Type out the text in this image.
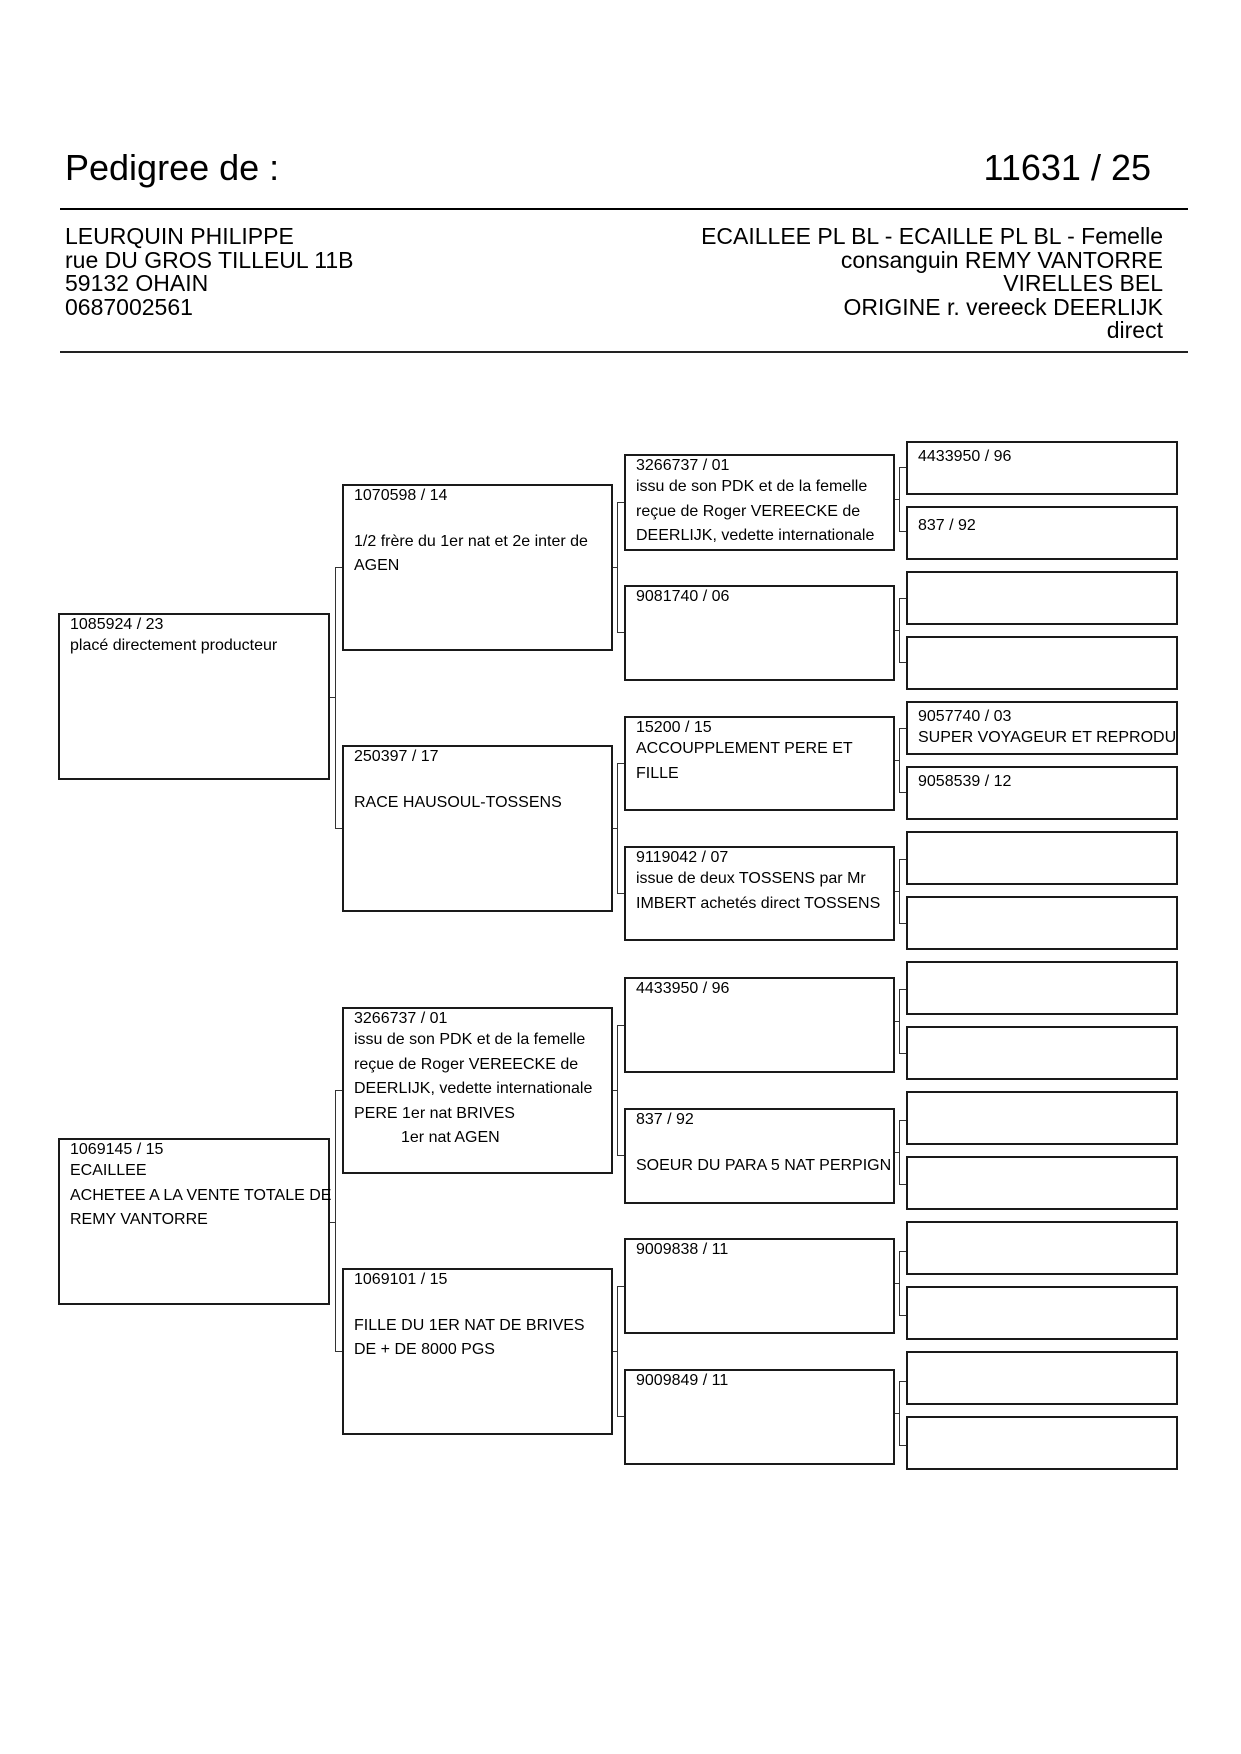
Pedigree de :	11631 / 25
LEURQUIN PHILIPPE
rue DU GROS TILLEUL 11B
59132 OHAIN
0687002561
ECAILLEE PL BL - ECAILLE PL BL - Femelle
consanguin REMY VANTORRE
VIRELLES BEL
ORIGINE r. vereeck DEERLIJK
direct
1085924 / 23
placé directement producteur
1069145 / 15
ECAILLEE
ACHETEE A LA VENTE TOTALE DE
REMY VANTORRE
1070598 / 14
1/2 frère du 1er nat et 2e inter de
AGEN
250397 / 17
RACE HAUSOUL-TOSSENS
3266737 / 01
issu de son PDK et de la femelle
reçue de Roger VEREECKE de
DEERLIJK, vedette internationale
PERE 1er nat BRIVES
1er nat AGEN
1069101 / 15
FILLE DU 1ER NAT DE BRIVES
DE + DE 8000 PGS
3266737 / 01
issu de son PDK et de la femelle
reçue de Roger VEREECKE de
DEERLIJK, vedette internationale
9081740 / 06
15200 / 15
ACCOUPPLEMENT PERE ET
FILLE
9119042 / 07
issue de deux TOSSENS par Mr
IMBERT achetés direct TOSSENS
4433950 / 96
837 / 92
SOEUR DU PARA 5 NAT PERPIGN
9009838 / 11
9009849 / 11
4433950 / 96
837 / 92
9057740 / 03
SUPER VOYAGEUR ET REPRODU
9058539 / 12
